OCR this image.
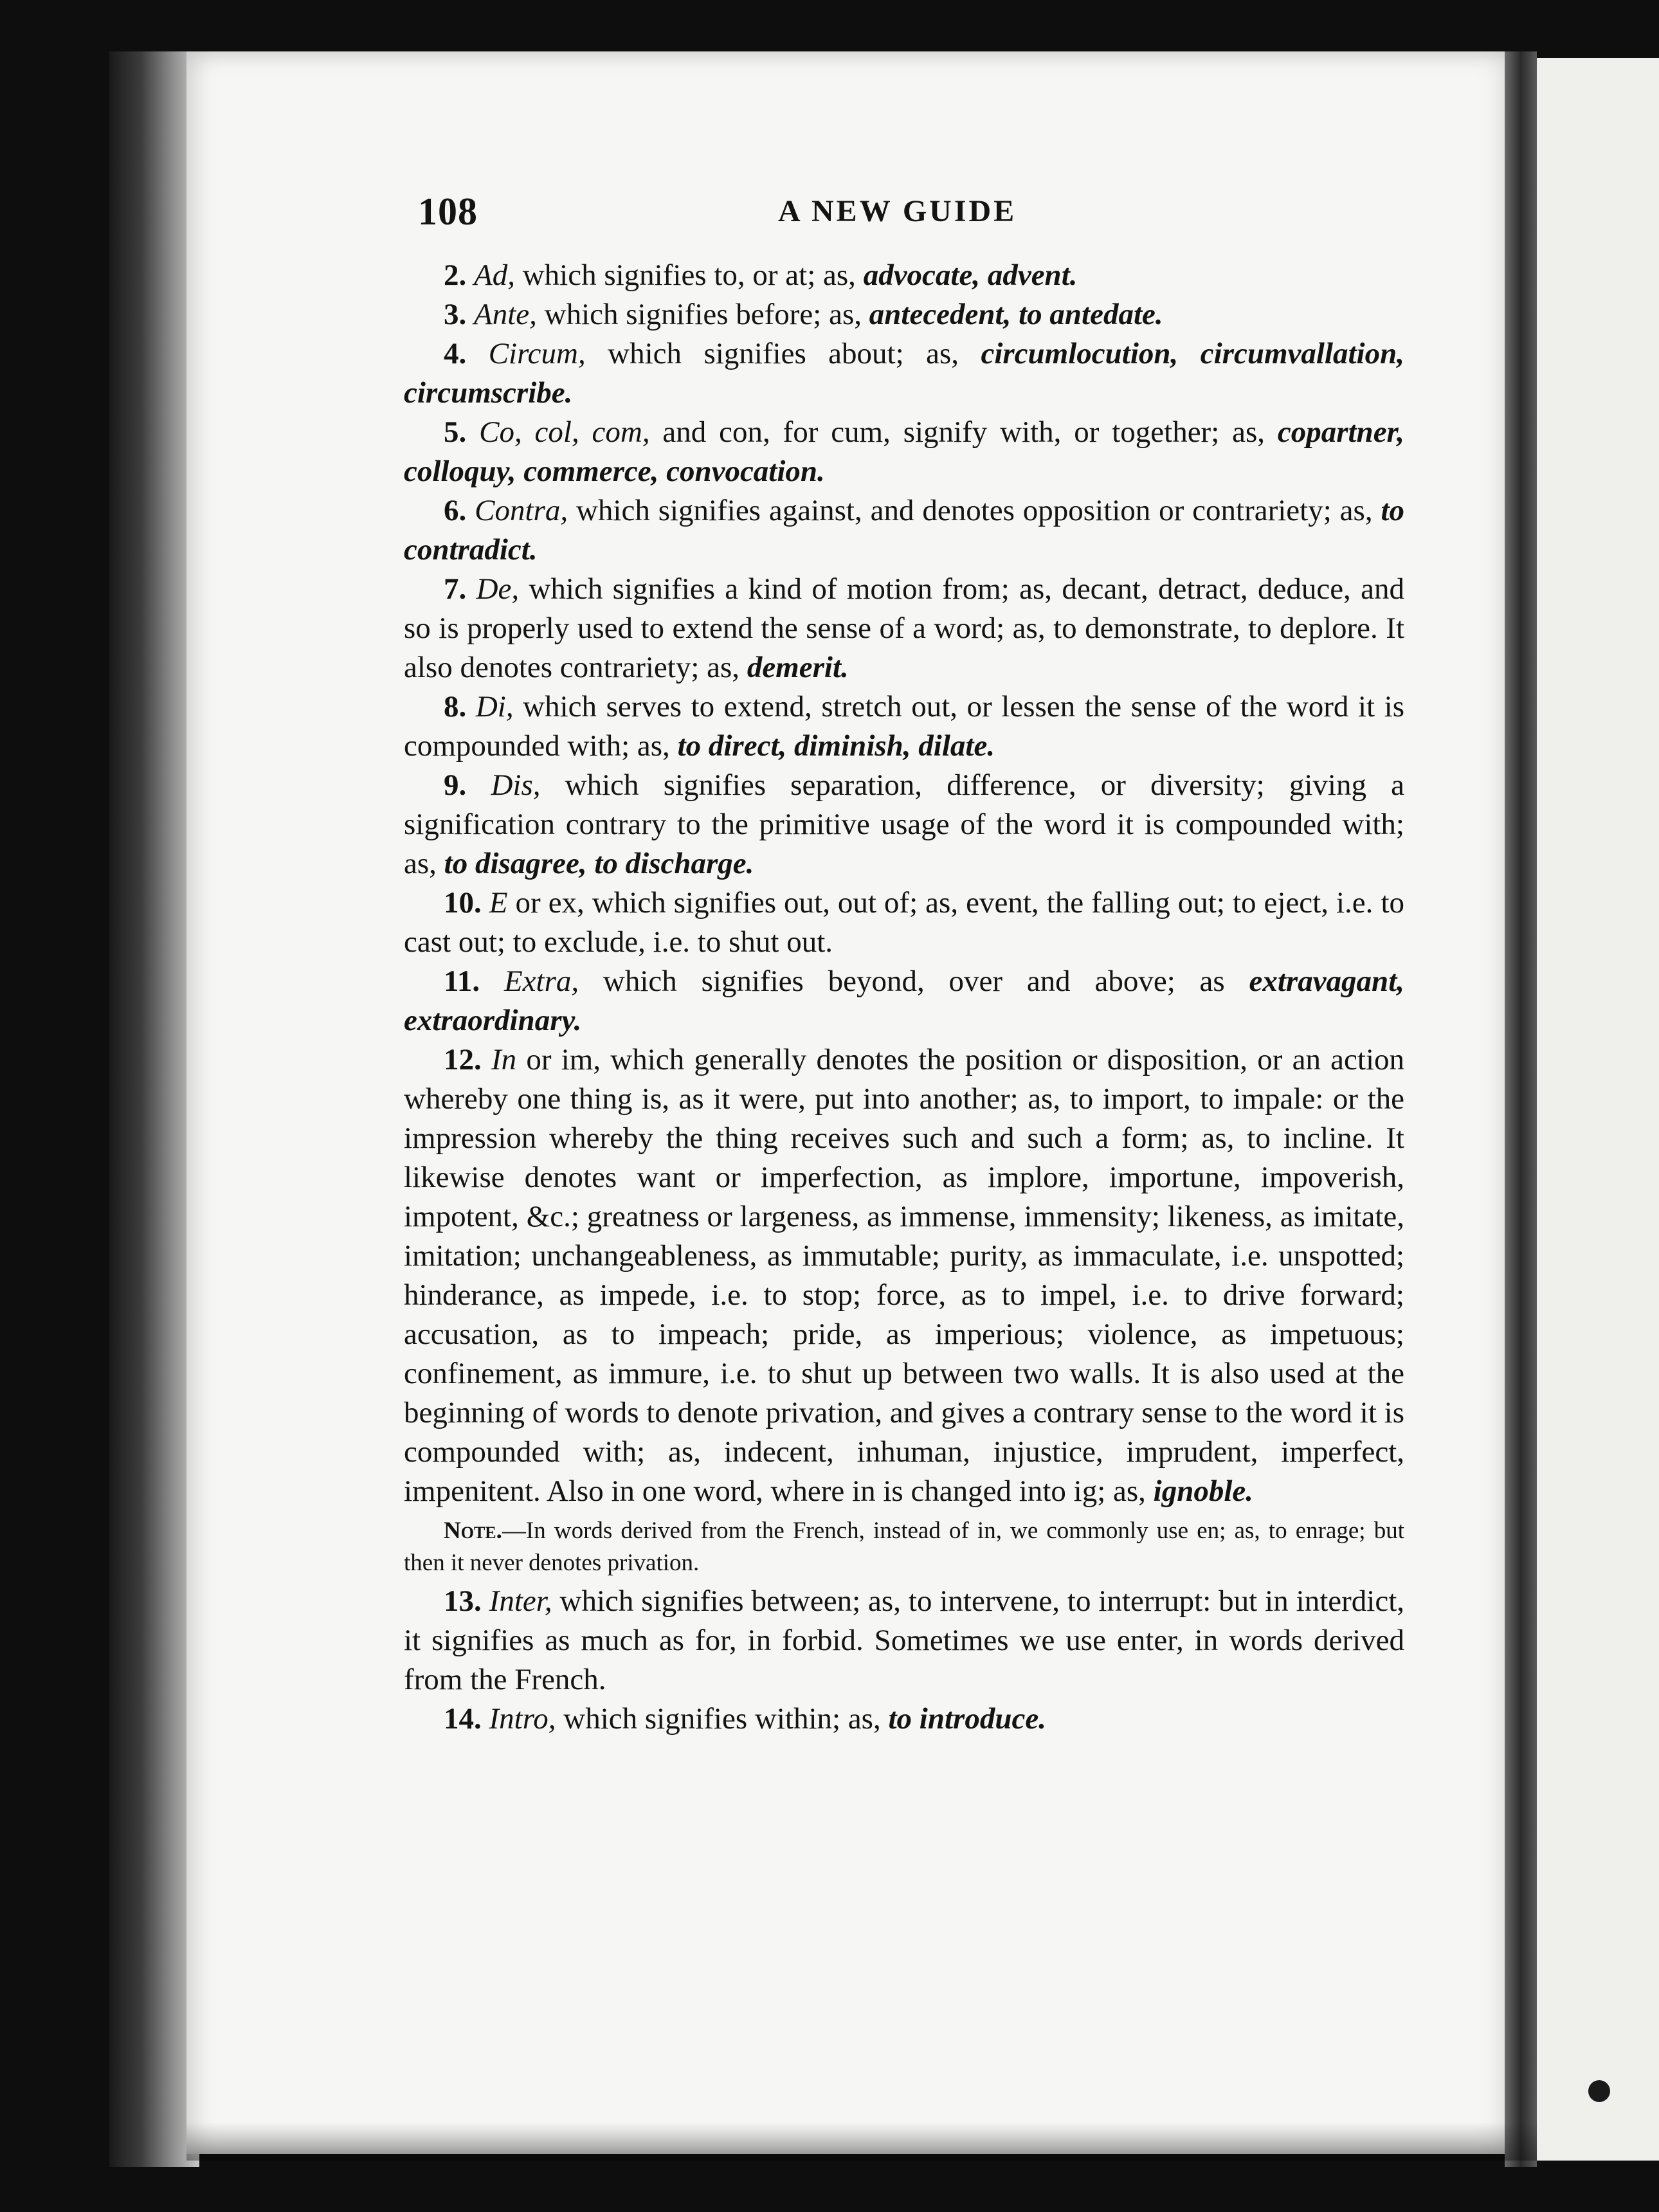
108	A NEW GUIDE

2. Ad, which signifies to, or at; as, advocate, advent.

3. Ante, which signifies before; as, antecedent, to antedate.

4. Circum, which signifies about; as, circumlocution, circumvallation, circumscribe.

5. Co, col, com, and con, for cum, signify with, or together; as, copartner, colloquy, commerce, convocation.

6. Contra, which signifies against, and denotes opposition or contrariety; as, to contradict.

7. De, which signifies a kind of motion from; as, decant, detract, deduce, and so is properly used to extend the sense of a word; as, to demonstrate, to deplore. It also denotes contrariety; as, demerit.

8. Di, which serves to extend, stretch out, or lessen the sense of the word it is compounded with; as, to direct, diminish, dilate.

9. Dis, which signifies separation, difference, or diversity; giving a signification contrary to the primitive usage of the word it is compounded with; as, to disagree, to discharge.

10. E or ex, which signifies out, out of; as, event, the falling out; to eject, i.e. to cast out; to exclude, i.e. to shut out.

11. Extra, which signifies beyond, over and above; as extravagant, extraordinary.

12. In or im, which generally denotes the position or disposition, or an action whereby one thing is, as it were, put into another; as, to import, to impale: or the impression whereby the thing receives such and such a form; as, to incline. It likewise denotes want or imperfection, as implore, importune, impoverish, impotent, &c.; greatness or largeness, as immense, immensity; likeness, as imitate, imitation; unchangeableness, as immutable; purity, as immaculate, i.e. unspotted; hinderance, as impede, i.e. to stop; force, as to impel, i.e. to drive forward; accusation, as to impeach; pride, as imperious; violence, as impetuous; confinement, as immure, i.e. to shut up between two walls. It is also used at the beginning of words to denote privation, and gives a contrary sense to the word it is compounded with; as, indecent, inhuman, injustice, imprudent, imperfect, impenitent. Also in one word, where in is changed into ig; as, ignoble.

Note.—In words derived from the French, instead of in, we commonly use en; as, to enrage; but then it never denotes privation.

13. Inter, which signifies between; as, to intervene, to interrupt: but in interdict, it signifies as much as for, in forbid. Sometimes we use enter, in words derived from the French.

14. Intro, which signifies within; as, to introduce.
